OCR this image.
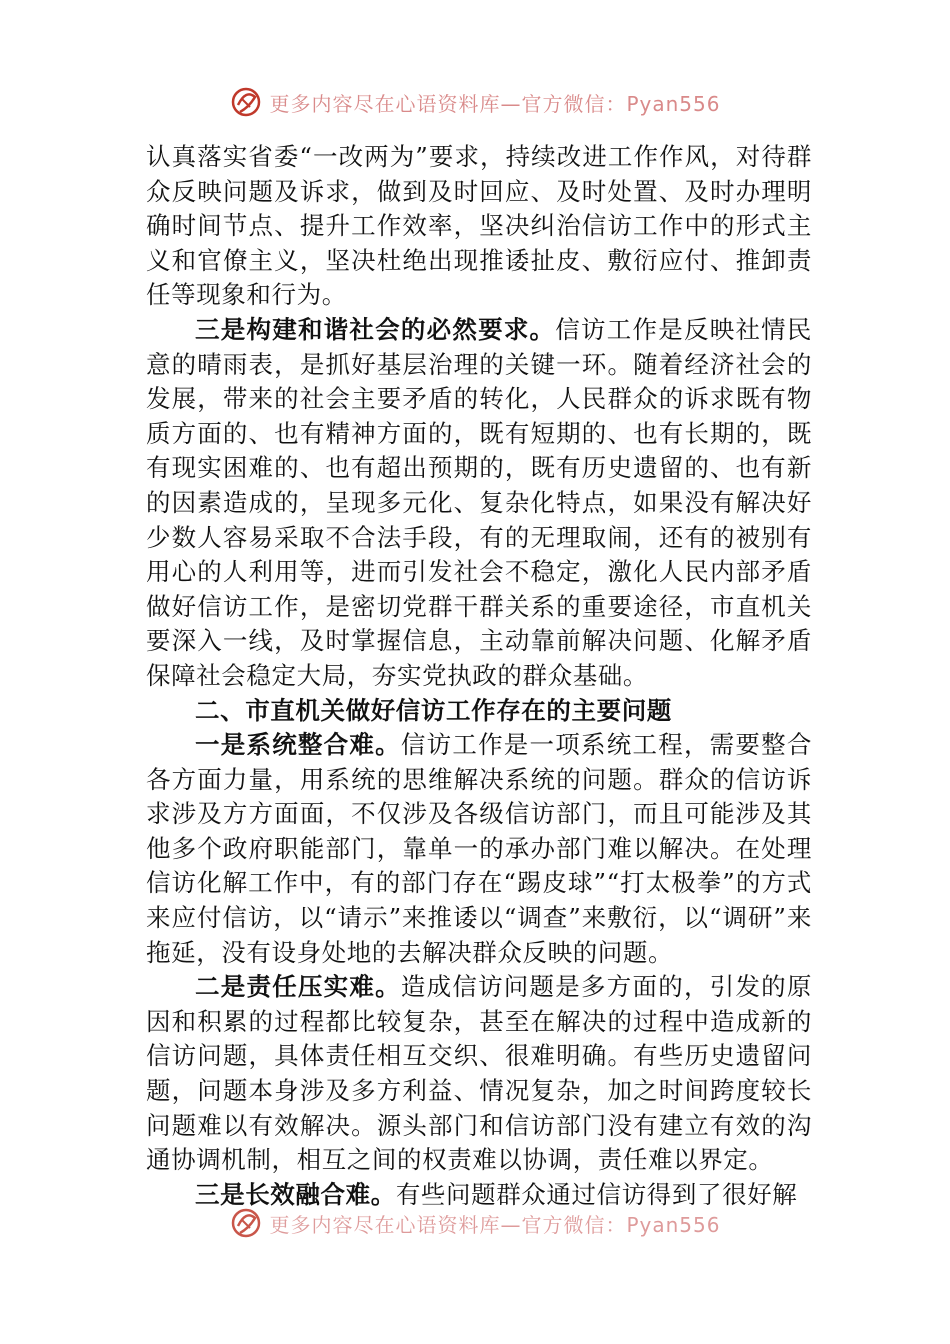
更多内容尽在心语资料库—官方微信：Pyan556

认真落实省委“一改两为”要求，持续改进工作作风，对待群众反映问题及诉求，做到及时回应、及时处置、及时办理明确时间节点、提升工作效率，坚决纠治信访工作中的形式主义和官僚主义，坚决杜绝出现推诿扯皮、敷衍应付、推卸责任等现象和行为。

三是构建和谐社会的必然要求。信访工作是反映社情民意的晴雨表，是抓好基层治理的关键一环。随着经济社会的发展，带来的社会主要矛盾的转化，人民群众的诉求既有物质方面的、也有精神方面的，既有短期的、也有长期的，既有现实困难的、也有超出预期的，既有历史遗留的、也有新的因素造成的，呈现多元化、复杂化特点，如果没有解决好少数人容易采取不合法手段，有的无理取闹，还有的被别有用心的人利用等，进而引发社会不稳定，激化人民内部矛盾做好信访工作，是密切党群干群关系的重要途径，市直机关要深入一线，及时掌握信息，主动靠前解决问题、化解矛盾保障社会稳定大局，夯实党执政的群众基础。

二、市直机关做好信访工作存在的主要问题

一是系统整合难。信访工作是一项系统工程，需要整合各方面力量，用系统的思维解决系统的问题。群众的信访诉求涉及方方面面，不仅涉及各级信访部门，而且可能涉及其他多个政府职能部门，靠单一的承办部门难以解决。在处理信访化解工作中，有的部门存在“踢皮球”“打太极拳”的方式来应付信访，以“请示”来推诿以“调查”来敷衍，以“调研”来拖延，没有设身处地的去解决群众反映的问题。

二是责任压实难。造成信访问题是多方面的，引发的原因和积累的过程都比较复杂，甚至在解决的过程中造成新的信访问题，具体责任相互交织、很难明确。有些历史遗留问题，问题本身涉及多方利益、情况复杂，加之时间跨度较长问题难以有效解决。源头部门和信访部门没有建立有效的沟通协调机制，相互之间的权责难以协调，责任难以界定。

三是长效融合难。有些问题群众通过信访得到了很好解

更多内容尽在心语资料库—官方微信：Pyan556
